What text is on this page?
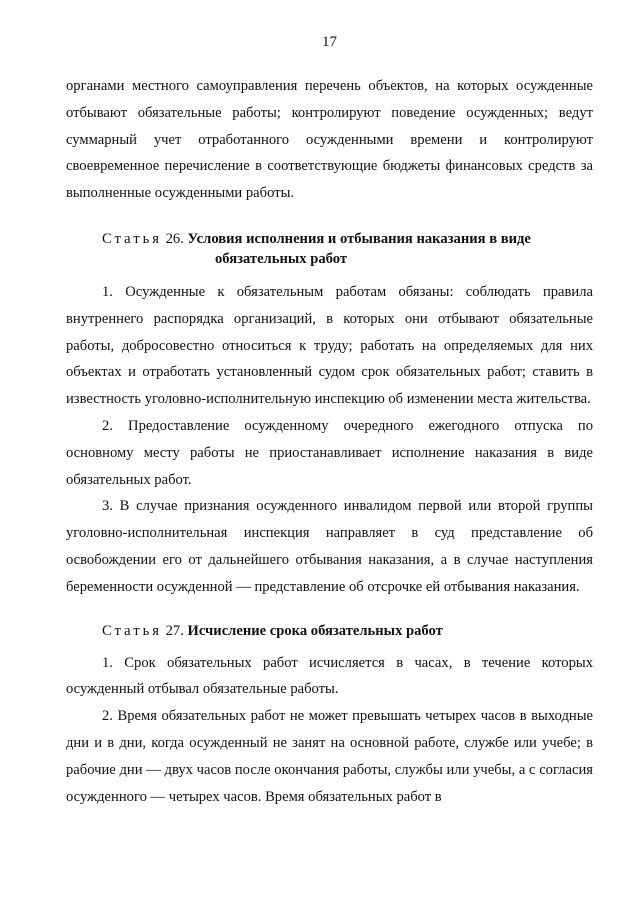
17

органами местного самоуправления перечень объектов, на которых осужденные отбывают обязательные работы; контролируют поведение осужденных; ведут суммарный учет отработанного осужденными времени и контролируют своевременное перечисление в соответствующие бюджеты финансовых средств за выполненные осужденными работы.

Статья 26. Условия исполнения и отбывания наказания в виде
обязательных работ

1. Осужденные к обязательным работам обязаны: соблюдать правила внутреннего распорядка организаций, в которых они отбывают обязательные работы, добросовестно относиться к труду; работать на определяемых для них объектах и отработать установленный судом срок обязательных работ; ставить в известность уголовно-исполнительную инспекцию об изменении места жительства.

2. Предоставление осужденному очередного ежегодного отпуска по основному месту работы не приостанавливает исполнение наказания в виде обязательных работ.

3. В случае признания осужденного инвалидом первой или второй группы уголовно-исполнительная инспекция направляет в суд представление об освобождении его от дальнейшего отбывания наказания, а в случае наступления беременности осужденной — представление об отсрочке ей отбывания наказания.

Статья 27. Исчисление срока обязательных работ

1. Срок обязательных работ исчисляется в часах, в течение которых осужденный отбывал обязательные работы.

2. Время обязательных работ не может превышать четырех часов в выходные дни и в дни, когда осужденный не занят на основной работе, службе или учебе; в рабочие дни — двух часов после окончания работы, службы или учебы, а с согласия осужденного — четырех часов. Время обязательных работ в
